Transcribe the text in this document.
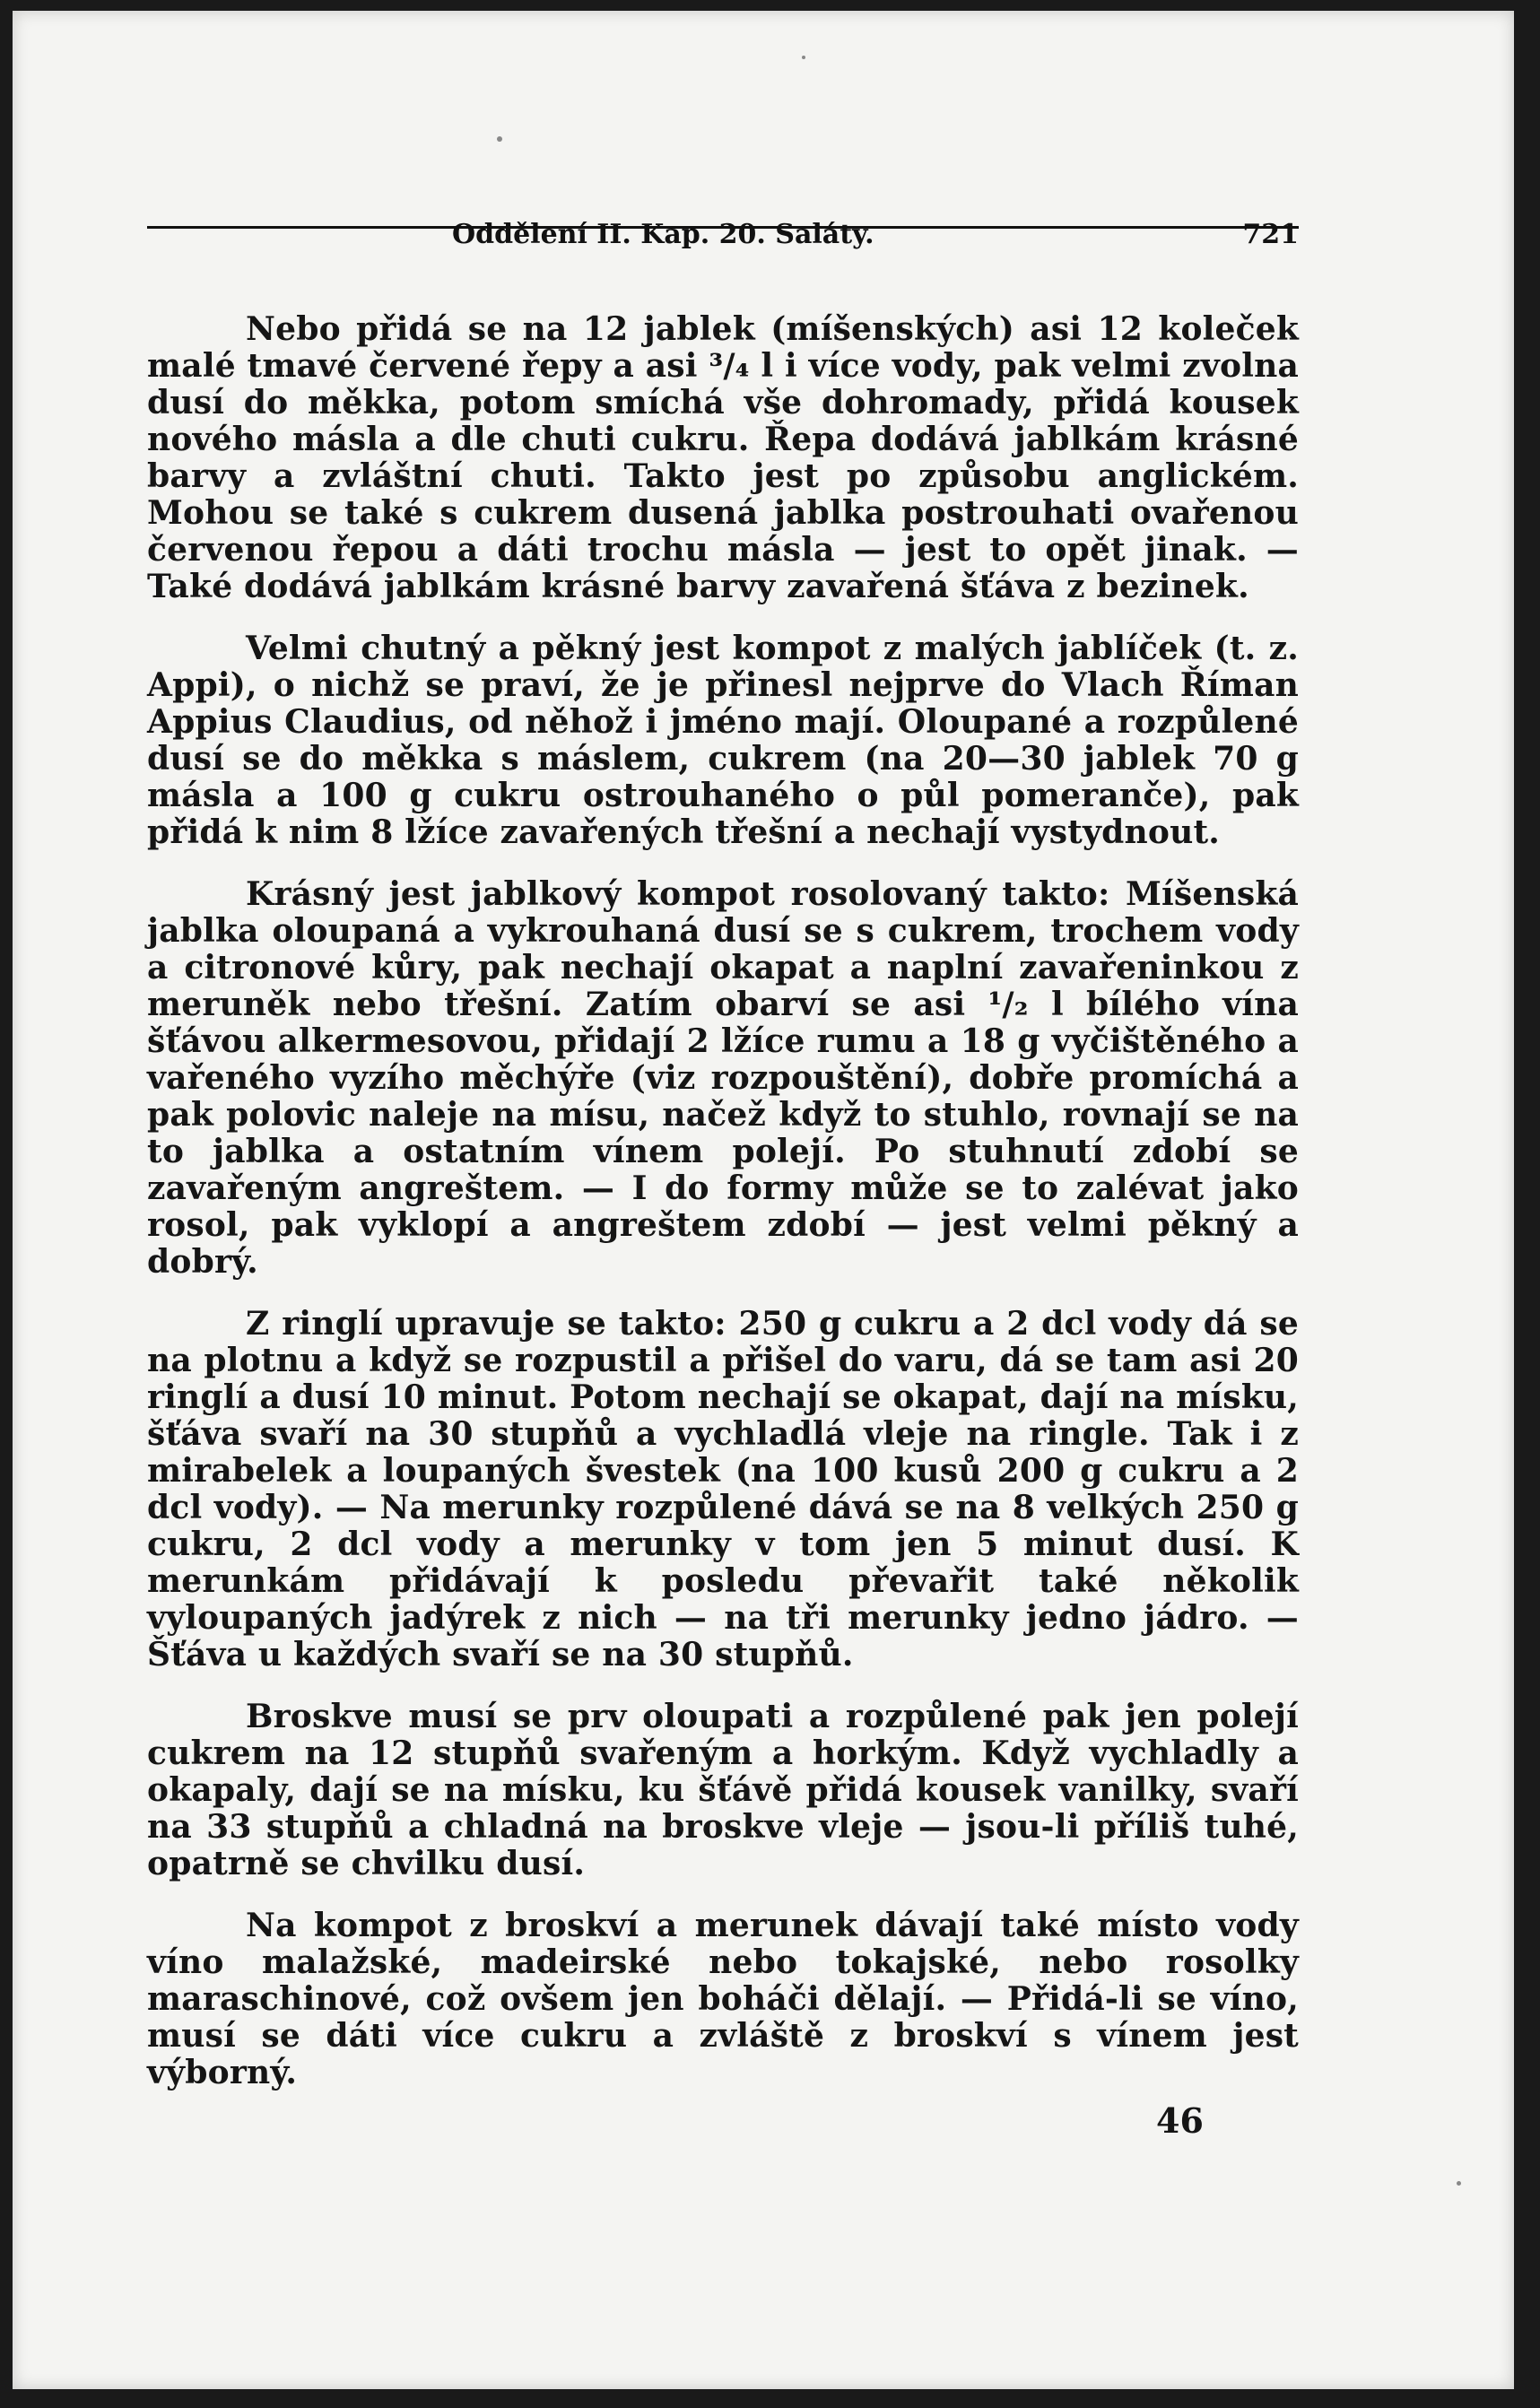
Oddělení II. Kap. 20. Saláty.	721

Nebo přidá se na 12 jablek (míšenských) asi 12 koleček malé tmavé červené řepy a asi ³/₄ l i více vody, pak velmi zvolna dusí do měkka, potom smíchá vše dohromady, přidá kousek nového másla a dle chuti cukru. Řepa dodává jablkám krásné barvy a zvláštní chuti. Takto jest po způsobu anglickém. Mohou se také s cukrem dusená jablka postrouhati ovařenou červenou řepou a dáti trochu másla — jest to opět jinak. — Také dodává jablkám krásné barvy zavařená šťáva z bezinek.

Velmi chutný a pěkný jest kompot z malých jablíček (t. z. Appi), o nichž se praví, že je přinesl nejprve do Vlach Říman Appius Claudius, od něhož i jméno mají. Oloupané a rozpůlené dusí se do měkka s máslem, cukrem (na 20—30 jablek 70 g másla a 100 g cukru ostrouhaného o půl pomeranče), pak přidá k nim 8 lžíce zavařených třešní a nechají vystydnout.

Krásný jest jablkový kompot rosolovaný takto: Míšenská jablka oloupaná a vykrouhaná dusí se s cukrem, trochem vody a citronové kůry, pak nechají okapat a naplní zavařeninkou z meruněk nebo třešní. Zatím obarví se asi ¹/₂ l bílého vína šťávou alkermesovou, přidají 2 lžíce rumu a 18 g vyčištěného a vařeného vyzího měchýře (viz rozpouštění), dobře promíchá a pak polovic naleje na mísu, načež když to stuhlo, rovnají se na to jablka a ostatním vínem polejí. Po stuhnutí zdobí se zavařeným angreštem. — I do formy může se to zalévat jako rosol, pak vyklopí a angreštem zdobí — jest velmi pěkný a dobrý.

Z ringlí upravuje se takto: 250 g cukru a 2 dcl vody dá se na plotnu a když se rozpustil a přišel do varu, dá se tam asi 20 ringlí a dusí 10 minut. Potom nechají se okapat, dají na mísku, šťáva svaří na 30 stupňů a vychladlá vleje na ringle. Tak i z mirabelek a loupaných švestek (na 100 kusů 200 g cukru a 2 dcl vody). — Na merunky rozpůlené dává se na 8 velkých 250 g cukru, 2 dcl vody a merunky v tom jen 5 minut dusí. K merunkám přidávají k posledu převařit také několik vyloupaných jadýrek z nich — na tři merunky jedno jádro. — Šťáva u každých svaří se na 30 stupňů.

Broskve musí se prv oloupati a rozpůlené pak jen polejí cukrem na 12 stupňů svařeným a horkým. Když vychladly a okapaly, dají se na mísku, ku šťávě přidá kousek vanilky, svaří na 33 stupňů a chladná na broskve vleje — jsou-li příliš tuhé, opatrně se chvilku dusí.

Na kompot z broskví a merunek dávají také místo vody víno malažské, madeirské nebo tokajské, nebo rosolky maraschinové, což ovšem jen boháči dělají. — Přidá-li se víno, musí se dáti více cukru a zvláště z broskví s vínem jest výborný.

46
